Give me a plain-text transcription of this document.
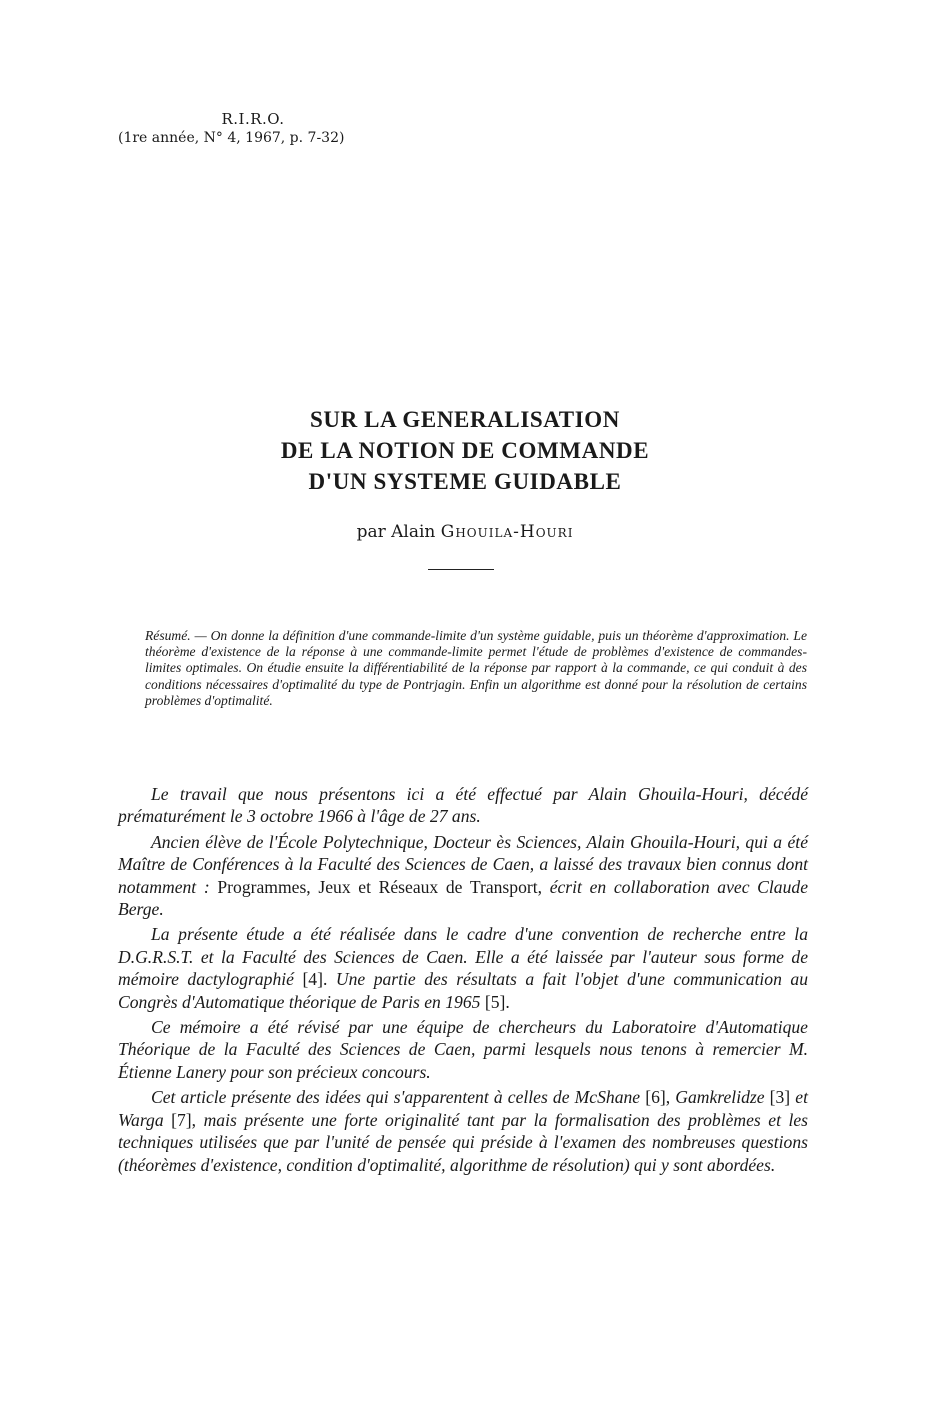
R.I.R.O.
(1re année, N° 4, 1967, p. 7-32)
SUR LA GENERALISATION
DE LA NOTION DE COMMANDE
D'UN SYSTEME GUIDABLE
par Alain Ghouila-Houri
Résumé. — On donne la définition d'une commande-limite d'un système guidable, puis un théorème d'approximation. Le théorème d'existence de la réponse à une commande-limite permet l'étude de problèmes d'existence de commandes-limites optimales. On étudie ensuite la différentiabilité de la réponse par rapport à la commande, ce qui conduit à des conditions nécessaires d'optimalité du type de Pontrjagin. Enfin un algorithme est donné pour la résolution de certains problèmes d'optimalité.

Le travail que nous présentons ici a été effectué par Alain Ghouila-Houri, décédé prématurément le 3 octobre 1966 à l'âge de 27 ans.

Ancien élève de l'École Polytechnique, Docteur ès Sciences, Alain Ghouila-Houri, qui a été Maître de Conférences à la Faculté des Sciences de Caen, a laissé des travaux bien connus dont notamment : Programmes, Jeux et Réseaux de Transport, écrit en collaboration avec Claude Berge.

La présente étude a été réalisée dans le cadre d'une convention de recherche entre la D.G.R.S.T. et la Faculté des Sciences de Caen. Elle a été laissée par l'auteur sous forme de mémoire dactylographié [4]. Une partie des résultats a fait l'objet d'une communication au Congrès d'Automatique théorique de Paris en 1965 [5].

Ce mémoire a été révisé par une équipe de chercheurs du Laboratoire d'Automatique Théorique de la Faculté des Sciences de Caen, parmi lesquels nous tenons à remercier M. Étienne Lanery pour son précieux concours.

Cet article présente des idées qui s'apparentent à celles de McShane [6], Gamkrelidze [3] et Warga [7], mais présente une forte originalité tant par la formalisation des problèmes et les techniques utilisées que par l'unité de pensée qui préside à l'examen des nombreuses questions (théorèmes d'existence, condition d'optimalité, algorithme de résolution) qui y sont abordées.
